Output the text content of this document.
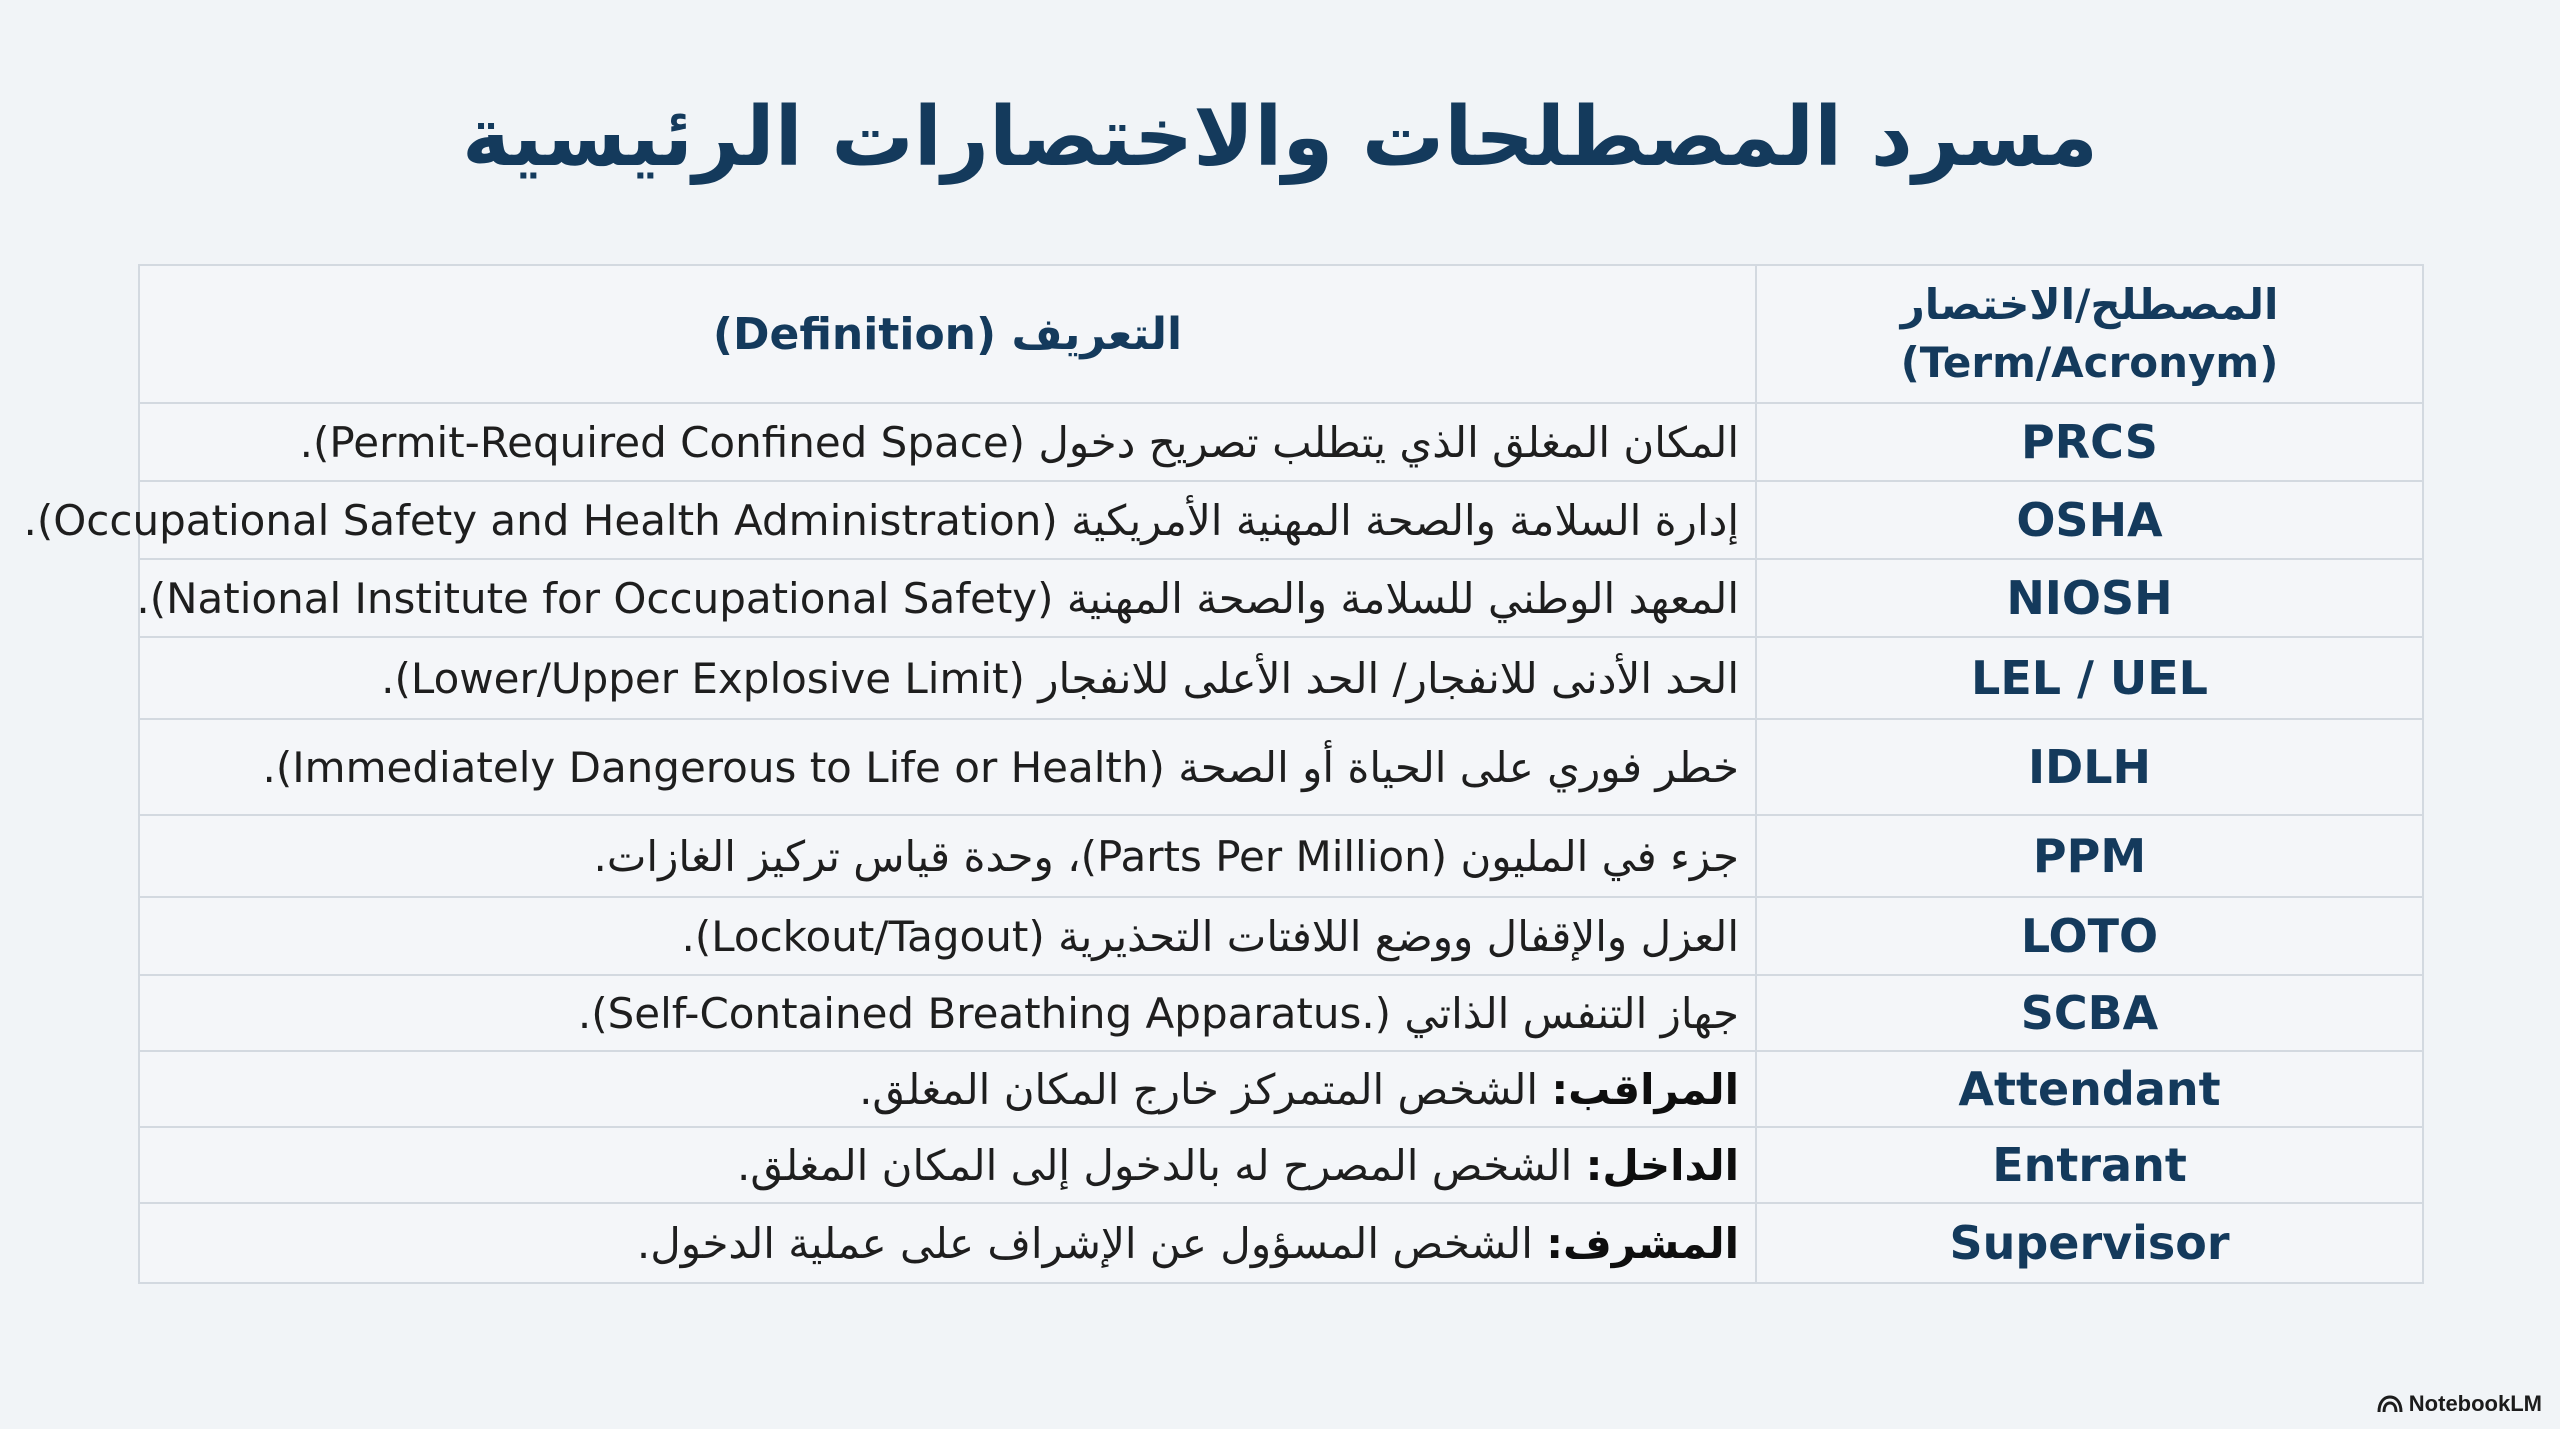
مسرد المصطلحات والاختصارات الرئيسية
التعريف (Definition)	المصطلح/الاختصار
(Term/Acronym)

المكان المغلق الذي يتطلب تصريح دخول (Permit-Required Confined Space).	PRCS
إدارة السلامة والصحة المهنية الأمريكية (Occupational Safety and Health Administration).	OSHA
المعهد الوطني للسلامة والصحة المهنية (National Institute for Occupational Safety).	NIOSH
الحد الأدنى للانفجار/ الحد الأعلى للانفجار (Lower/Upper Explosive Limit).	LEL / UEL
خطر فوري على الحياة أو الصحة (Immediately Dangerous to Life or Health).	IDLH
جزء في المليون (Parts Per Million)، وحدة قياس تركيز الغازات.	PPM
العزل والإقفال ووضع اللافتات التحذيرية (Lockout/Tagout).	LOTO
جهاز التنفس الذاتي (.Self-Contained Breathing Apparatus).	SCBA
المراقب: الشخص المتمركز خارج المكان المغلق.	Attendant
الداخل: الشخص المصرح له بالدخول إلى المكان المغلق.	Entrant
المشرف: الشخص المسؤول عن الإشراف على عملية الدخول.	Supervisor
NotebookLM
